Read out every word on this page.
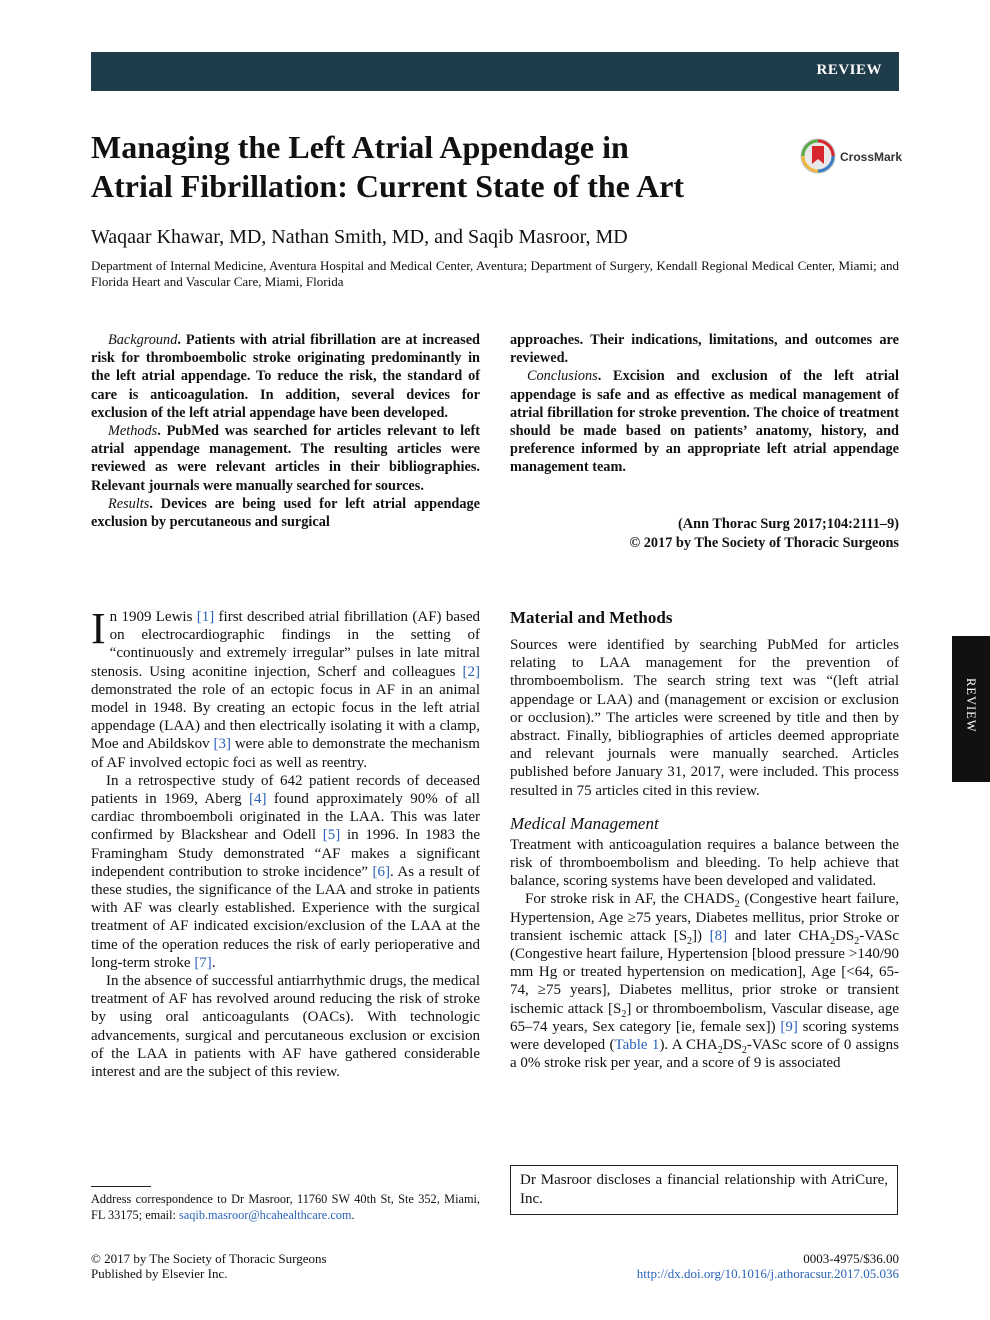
REVIEW
Managing the Left Atrial Appendage in
Atrial Fibrillation: Current State of the Art
CrossMark
Waqaar Khawar, MD, Nathan Smith, MD, and Saqib Masroor, MD
Department of Internal Medicine, Aventura Hospital and Medical Center, Aventura; Department of Surgery, Kendall Regional Medical Center, Miami; and Florida Heart and Vascular Care, Miami, Florida

Background. Patients with atrial fibrillation are at increased risk for thromboembolic stroke originating predominantly in the left atrial appendage. To reduce the risk, the standard of care is anticoagulation. In addition, several devices for exclusion of the left atrial appendage have been developed.

Methods. PubMed was searched for articles relevant to left atrial appendage management. The resulting articles were reviewed as were relevant articles in their bibliographies. Relevant journals were manually searched for sources.

Results. Devices are being used for left atrial appendage exclusion by percutaneous and surgical

approaches. Their indications, limitations, and outcomes are reviewed.

Conclusions. Excision and exclusion of the left atrial appendage is safe and as effective as medical management of atrial fibrillation for stroke prevention. The choice of treatment should be made based on patients’ anatomy, history, and preference informed by an appropriate left atrial appendage management team.

(Ann Thorac Surg 2017;104:2111–9)
© 2017 by The Society of Thoracic Surgeons

In 1909 Lewis [1] first described atrial fibrillation (AF) based on electrocardiographic findings in the setting of “continuously and extremely irregular” pulses in late mitral stenosis. Using aconitine injection, Scherf and colleagues [2] demonstrated the role of an ectopic focus in AF in an animal model in 1948. By creating an ectopic focus in the left atrial appendage (LAA) and then electrically isolating it with a clamp, Moe and Abildskov [3] were able to demonstrate the mechanism of AF involved ectopic foci as well as reentry.

In a retrospective study of 642 patient records of deceased patients in 1969, Aberg [4] found approximately 90% of all cardiac thromboemboli originated in the LAA. This was later confirmed by Blackshear and Odell [5] in 1996. In 1983 the Framingham Study demonstrated “AF makes a significant independent contribution to stroke incidence” [6]. As a result of these studies, the significance of the LAA and stroke in patients with AF was clearly established. Experience with the surgical treatment of AF indicated excision/exclusion of the LAA at the time of the operation reduces the risk of early perioperative and long-term stroke [7].

In the absence of successful antiarrhythmic drugs, the medical treatment of AF has revolved around reducing the risk of stroke by using oral anticoagulants (OACs). With technologic advancements, surgical and percutaneous exclusion or excision of the LAA in patients with AF have gathered considerable interest and are the subject of this review.

Material and Methods

Sources were identified by searching PubMed for articles relating to LAA management for the prevention of thromboembolism. The search string text was “(left atrial appendage or LAA) and (management or excision or exclusion or occlusion).” The articles were screened by title and then by abstract. Finally, bibliographies of articles deemed appropriate and relevant journals were manually searched. Articles published before January 31, 2017, were included. This process resulted in 75 articles cited in this review.

Medical Management

Treatment with anticoagulation requires a balance between the risk of thromboembolism and bleeding. To help achieve that balance, scoring systems have been developed and validated.

For stroke risk in AF, the $CHADS_2$ (Congestive heart failure, Hypertension, Age ≥75 years, Diabetes mellitus, prior Stroke or transient ischemic attack $[S_2]$) [8] and later $CHA_2DS_2$-VASc (Congestive heart failure, Hypertension [blood pressure >140/90 mm Hg or treated hypertension on medication], Age [<64, 65-74, ≥75 years], Diabetes mellitus, prior stroke or transient ischemic attack $[S_2]$ or thromboembolism, Vascular disease, age 65–74 years, Sex category [ie, female sex]) [9] scoring systems were developed (Table 1). A $CHA_2DS_2$-VASc score of 0 assigns a 0% stroke risk per year, and a score of 9 is associated

Dr Masroor discloses a financial relationship with AtriCure, Inc.
Address correspondence to Dr Masroor, 11760 SW 40th St, Ste 352, Miami, FL 33175; email: saqib.masroor@hcahealthcare.com.
© 2017 by The Society of Thoracic Surgeons
Published by Elsevier Inc.
0003-4975/$36.00
http://dx.doi.org/10.1016/j.athoracsur.2017.05.036
REVIEW
